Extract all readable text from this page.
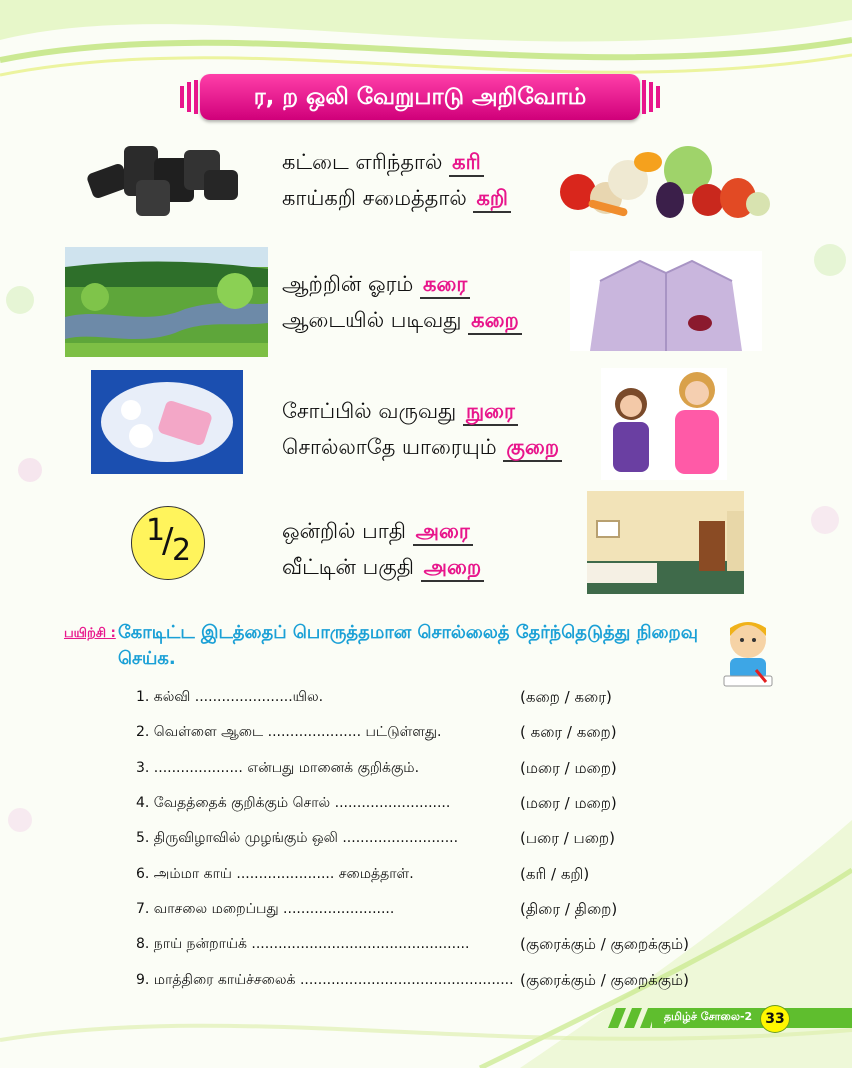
ர, ற ஒலி வேறுபாடு அறிவோம்
கட்டை எரிந்தால் கரி
காய்கறி சமைத்தால் கறி
ஆற்றின் ஓரம் கரை
ஆடையில் படிவது கறை
சோப்பில் வருவது நுரை
சொல்லாதே யாரையும் குறை
1
/
2
ஒன்றில் பாதி அரை
வீட்டின் பகுதி அறை
பயிற்சி : கோடிட்ட இடத்தைப் பொருத்தமான சொல்லைத் தேர்ந்தெடுத்து நிறைவு செய்க.
1. கல்வி ......................யில.	(கறை / கரை)
2. வெள்ளை ஆடை ..................... பட்டுள்ளது.	( கரை / கறை)
3. .................... என்பது மானைக் குறிக்கும்.	(மரை / மறை)
4. வேதத்தைக் குறிக்கும் சொல் ..........................	(மரை / மறை)
5. திருவிழாவில் முழங்கும் ஒலி ..........................	(பரை / பறை)
6. அம்மா காய் ...................... சமைத்தாள்.	(கரி / கறி)
7. வாசலை மறைப்பது .........................	(திரை / திறை)
8. நாய் நன்றாய்க் .................................................	(குரைக்கும் / குறைக்கும்)
9. மாத்திரை காய்ச்சலைக் ................................................ (குரைக்கும் / குறைக்கும்)
தமிழ்ச் சோலை-2 33
